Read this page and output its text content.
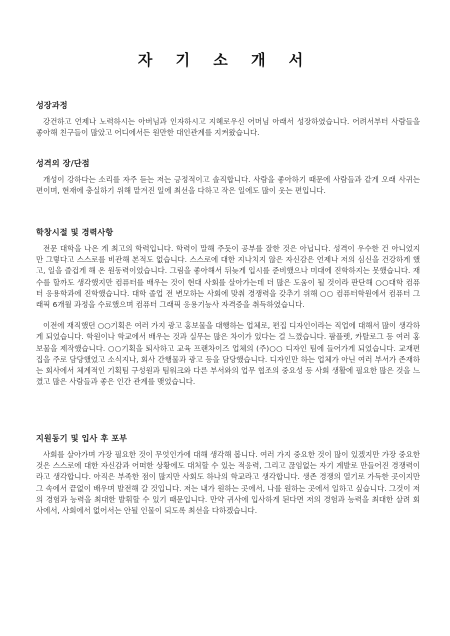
자 기 소 개 서
성장과정

강건하고 언제나 노력하시는 아버님과 인자하시고 지혜로우신 어머님 아래서 성장하였습니다. 어려서부터 사람들을 좋아해 친구들이 많았고 어디에서든 원만한 대인관계를 지켜왔습니다.

성격의 장/단점

개성이 강하다는 소리를 자주 듣는 저는 긍정적이고 솔직합니다. 사람을 좋아하기 때문에 사람들과 같게 오래 사귀는 편이며, 현재에 충실하기 위해 맡겨진 일에 최선을 다하고 작은 일에도 많이 웃는 편입니다.

학창시절 및 경력사항

전문 대학을 나온 게 최고의 학력입니다. 학력이 말해 주듯이 공부를 잘한 것은 아닙니다. 성격이 우수한 건 아니었지만 그렇다고 스스로를 비관해 본적도 없습니다. 스스로에 대한 지나치지 않은 자신감은 언제나 저의 심신을 건강하게 했고, 일을 즐겁게 해 온 원동력이었습니다. 그림을 좋아해서 뒤늦게 입시를 준비했으나 미대에 진학하지는 못했습니다. 재수를 할까도 생각했지만 컴퓨터를 배우는 것이 현대 사회를 살아가는데 더 많은 도움이 될 것이라 판단해 ○○대학 컴퓨터 응용학과에 진학했습니다. 대학 졸업 전 변모하는 사회에 맞춰 경쟁력을 갖추기 위해 ○○ 컴퓨터학원에서 컴퓨터 그래픽 6개월 과정을 수료했으며 컴퓨터 그래픽 응용기능사 자격증을 취득하였습니다.

이전에 재직했던 ○○기획은 여러 가지 광고 홍보물을 대행하는 업체로, 편집 디자인이라는 직업에 대해서 많이 생각하게 되었습니다. 학원이나 학교에서 배우는 것과 실무는 많은 차이가 있다는 걸 느꼈습니다. 팜플렛, 카탈로그 등 여러 홍보물을 제작했습니다. ○○기획을 퇴사하고 교육 프랜차이즈 업체의 (주)○○ 디자인 팀에 들어가게 되었습니다. 교재편집을 주로 담당했었고 소식지나, 회사 간행물과 광고 등을 담당했습니다. 디자인만 하는 업체가 아닌 여러 부서가 존재하는 회사에서 체계적인 기획팀 구성원과 팀워크와 다른 부서와의 업무 협조의 중요성 등 사회 생활에 필요한 많은 것을 느꼈고 많은 사람들과 좋은 인간 관계를 맺었습니다.

지원동기 및 입사 후 포부

사회를 살아가며 가장 필요한 것이 무엇인가에 대해 생각해 봅니다. 여러 가지 중요한 것이 많이 있겠지만 가장 중요한 것은 스스로에 대한 자신감과 어떠한 상황에도 대처할 수 있는 적응력, 그리고 끊임없는 자기 계발로 만들어진 경쟁력이라고 생각합니다. 아직은 부족한 점이 많지만 사회도 하나의 학교라고 생각합니다. 생존 경쟁의 열기로 가득한 곳이지만 그 속에서 끝없이 배우며 발전해 갈 것입니다. 저는 내가 원하는 곳에서, 나를 원하는 곳에서 일하고 싶습니다. 그것이 저의 경험과 능력을 최대한 발휘할 수 있기 때문입니다. 만약 귀사에 입사하게 된다면 저의 경험과 능력을 최대한 살려 회사에서, 사회에서 없어서는 안될 인물이 되도록 최선을 다하겠습니다.
